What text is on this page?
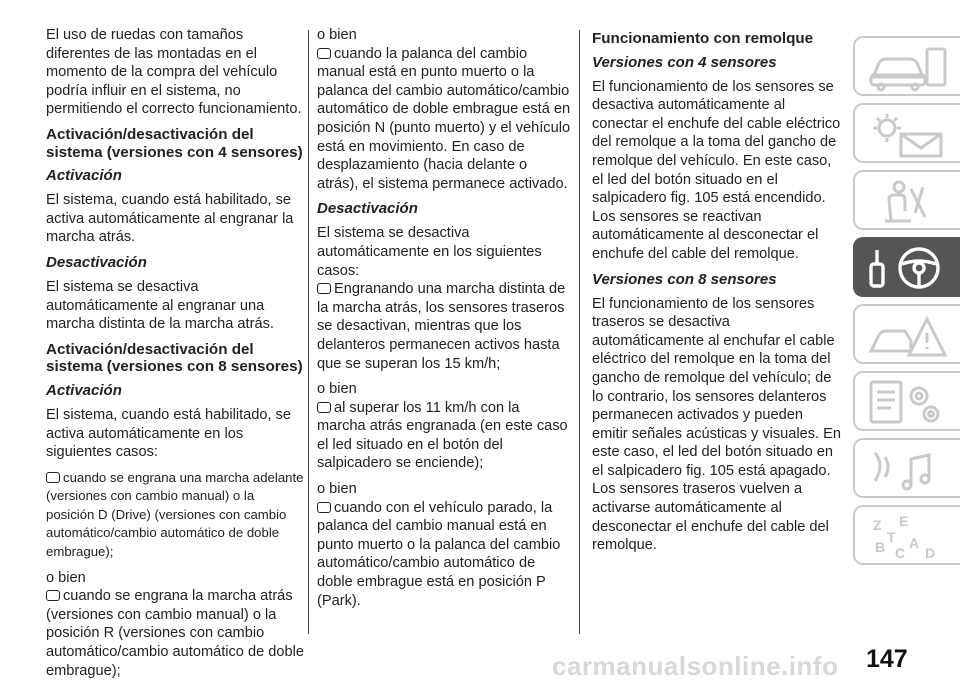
El uso de ruedas con tamaños diferentes de las montadas en el momento de la compra del vehículo podría influir en el sistema, no permitiendo el correcto funcionamiento.

Activación/desactivación del sistema (versiones con 4 sensores)
Activación

El sistema, cuando está habilitado, se activa automáticamente al engranar la marcha atrás.

Desactivación

El sistema se desactiva automáticamente al engranar una marcha distinta de la marcha atrás.

Activación/desactivación del sistema (versiones con 8 sensores)
Activación

El sistema, cuando está habilitado, se activa automáticamente en los siguientes casos:

cuando se engrana una marcha adelante (versiones con cambio manual) o la posición D (Drive) (versiones con cambio automático/cambio automático de doble embrague);

o bien

cuando se engrana la marcha atrás (versiones con cambio manual) o la posición R (versiones con cambio automático/cambio automático de doble embrague);

o bien

cuando la palanca del cambio manual está en punto muerto o la palanca del cambio automático/cambio automático de doble embrague está en posición N (punto muerto) y el vehículo está en movimiento. En caso de desplazamiento (hacia delante o atrás), el sistema permanece activado.

Desactivación

El sistema se desactiva automáticamente en los siguientes casos:

Engranando una marcha distinta de la marcha atrás, los sensores traseros se desactivan, mientras que los delanteros permanecen activos hasta que se superan los 15 km/h;

o bien

al superar los 11 km/h con la marcha atrás engranada (en este caso el led situado en el botón del salpicadero se enciende);

o bien

cuando con el vehículo parado, la palanca del cambio manual está en punto muerto o la palanca del cambio automático/cambio automático de doble embrague está en posición P (Park).

Funcionamiento con remolque
Versiones con 4 sensores

El funcionamiento de los sensores se desactiva automáticamente al conectar el enchufe del cable eléctrico del remolque a la toma del gancho de remolque del vehículo. En este caso, el led del botón situado en el salpicadero fig. 105 está encendido. Los sensores se reactivan automáticamente al desconectar el enchufe del cable del remolque.

Versiones con 8 sensores

El funcionamiento de los sensores traseros se desactiva automáticamente al enchufar el cable eléctrico del remolque en la toma del gancho de remolque del vehículo; de lo contrario, los sensores delanteros permanecen activados y pueden emitir señales acústicas y visuales. En este caso, el led del botón situado en el salpicadero fig. 105 está apagado. Los sensores traseros vuelven a activarse automáticamente al desconectar el enchufe del cable del remolque.

Z E
B C
A
D
T
carmanualsonline.info 147
